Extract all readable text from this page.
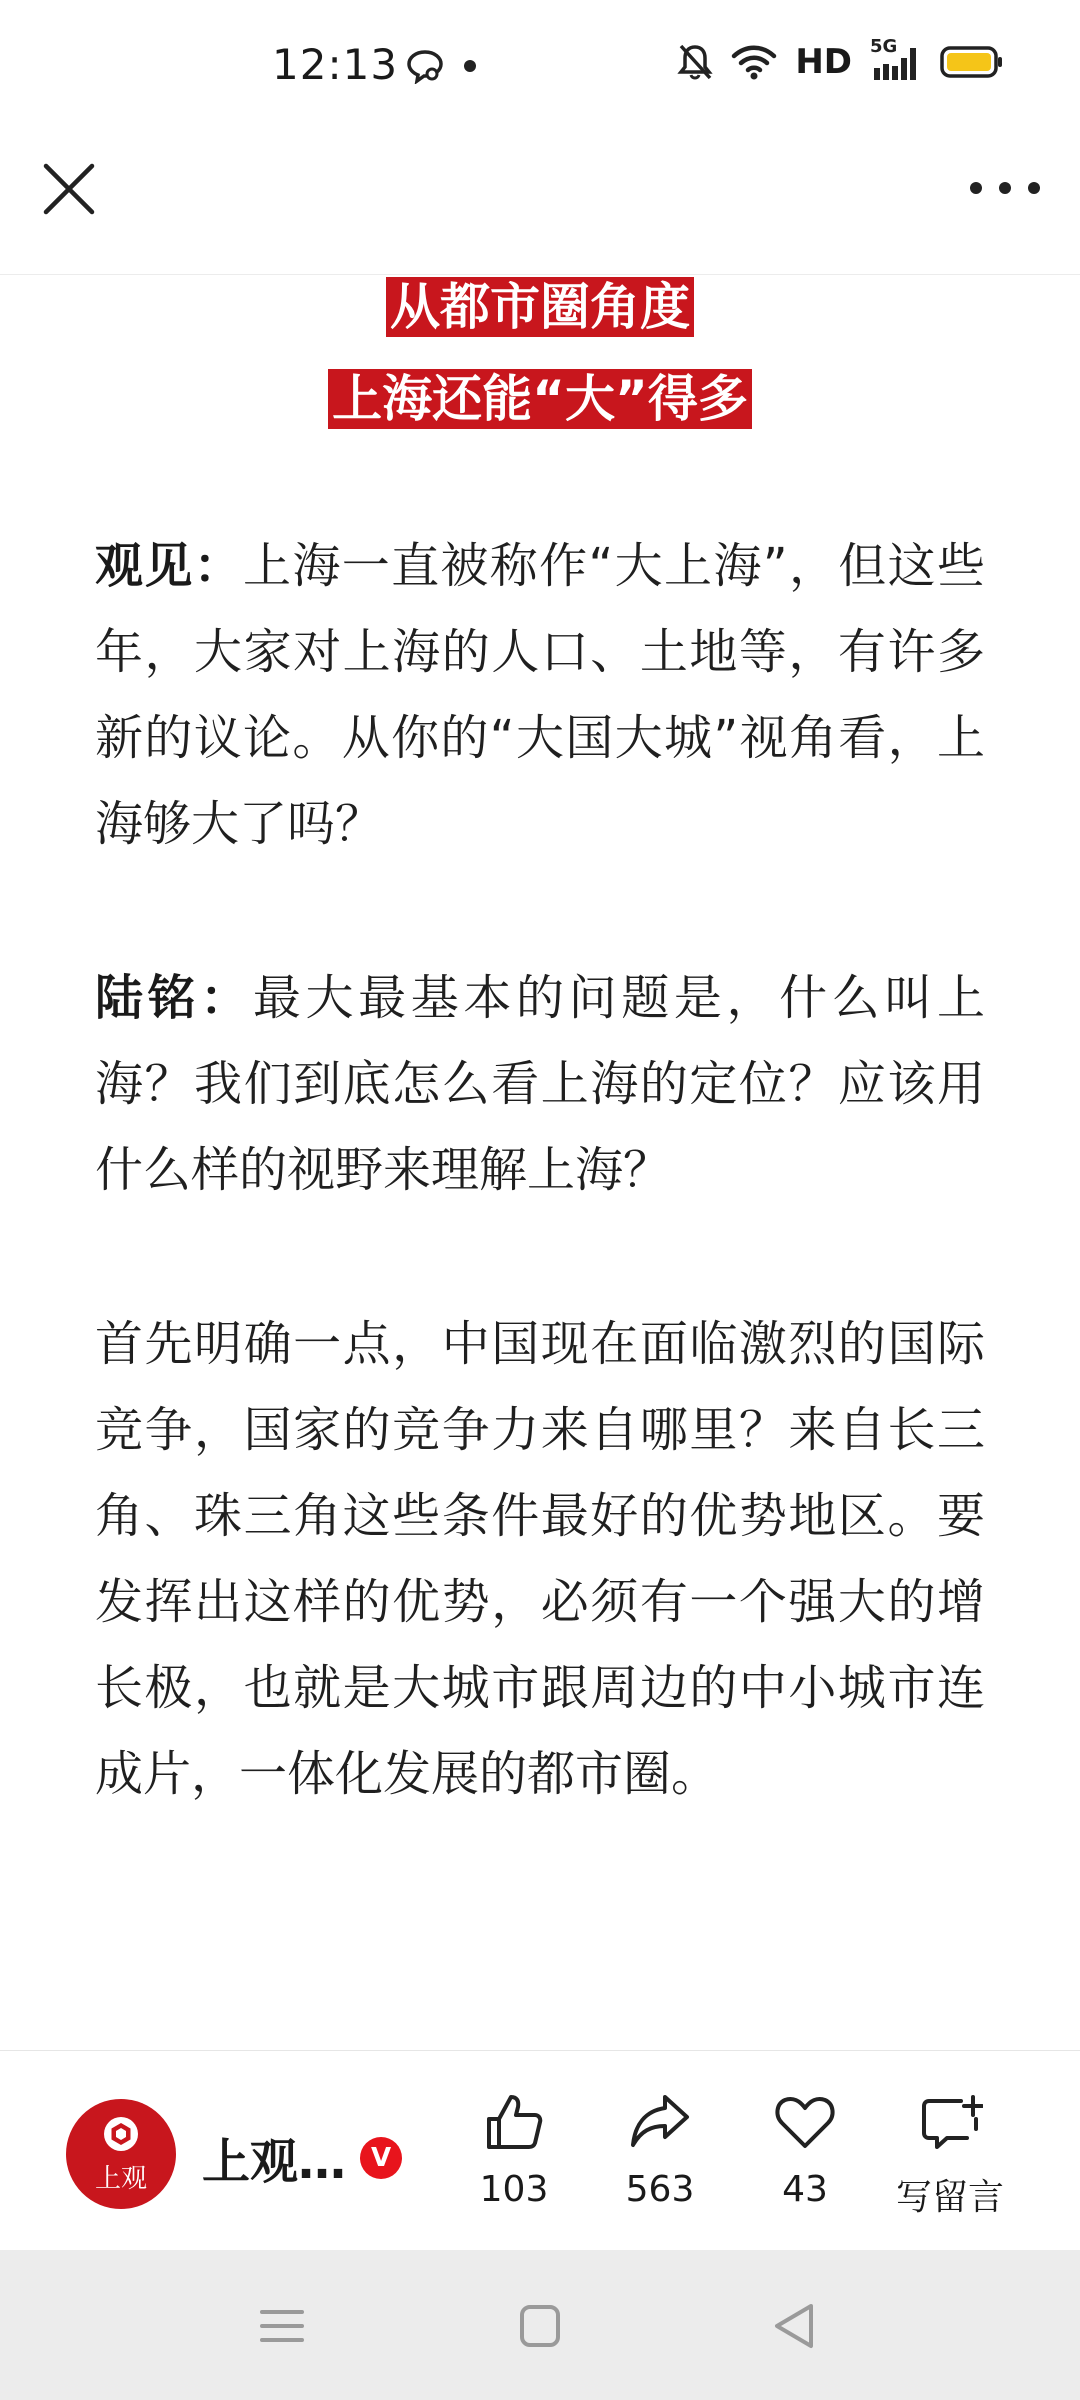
12:13	HD 5G
从都市圈角度
上海还能“大”得多

观见：上海一直被称作“大上海”，但这些年，大家对上海的人口、土地等，有许多新的议论。从你的“大国大城”视角看，上海够大了吗？

陆铭：最大最基本的问题是，什么叫上海？我们到底怎么看上海的定位？应该用什么样的视野来理解上海？

首先明确一点，中国现在面临激烈的国际竞争，国家的竞争力来自哪里？来自长三角、珠三角这些条件最好的优势地区。要发挥出这样的优势，必须有一个强大的增长极，也就是大城市跟周边的中小城市连成片，一体化发展的都市圈。

上观 上观… V
103 563 43 写留言
